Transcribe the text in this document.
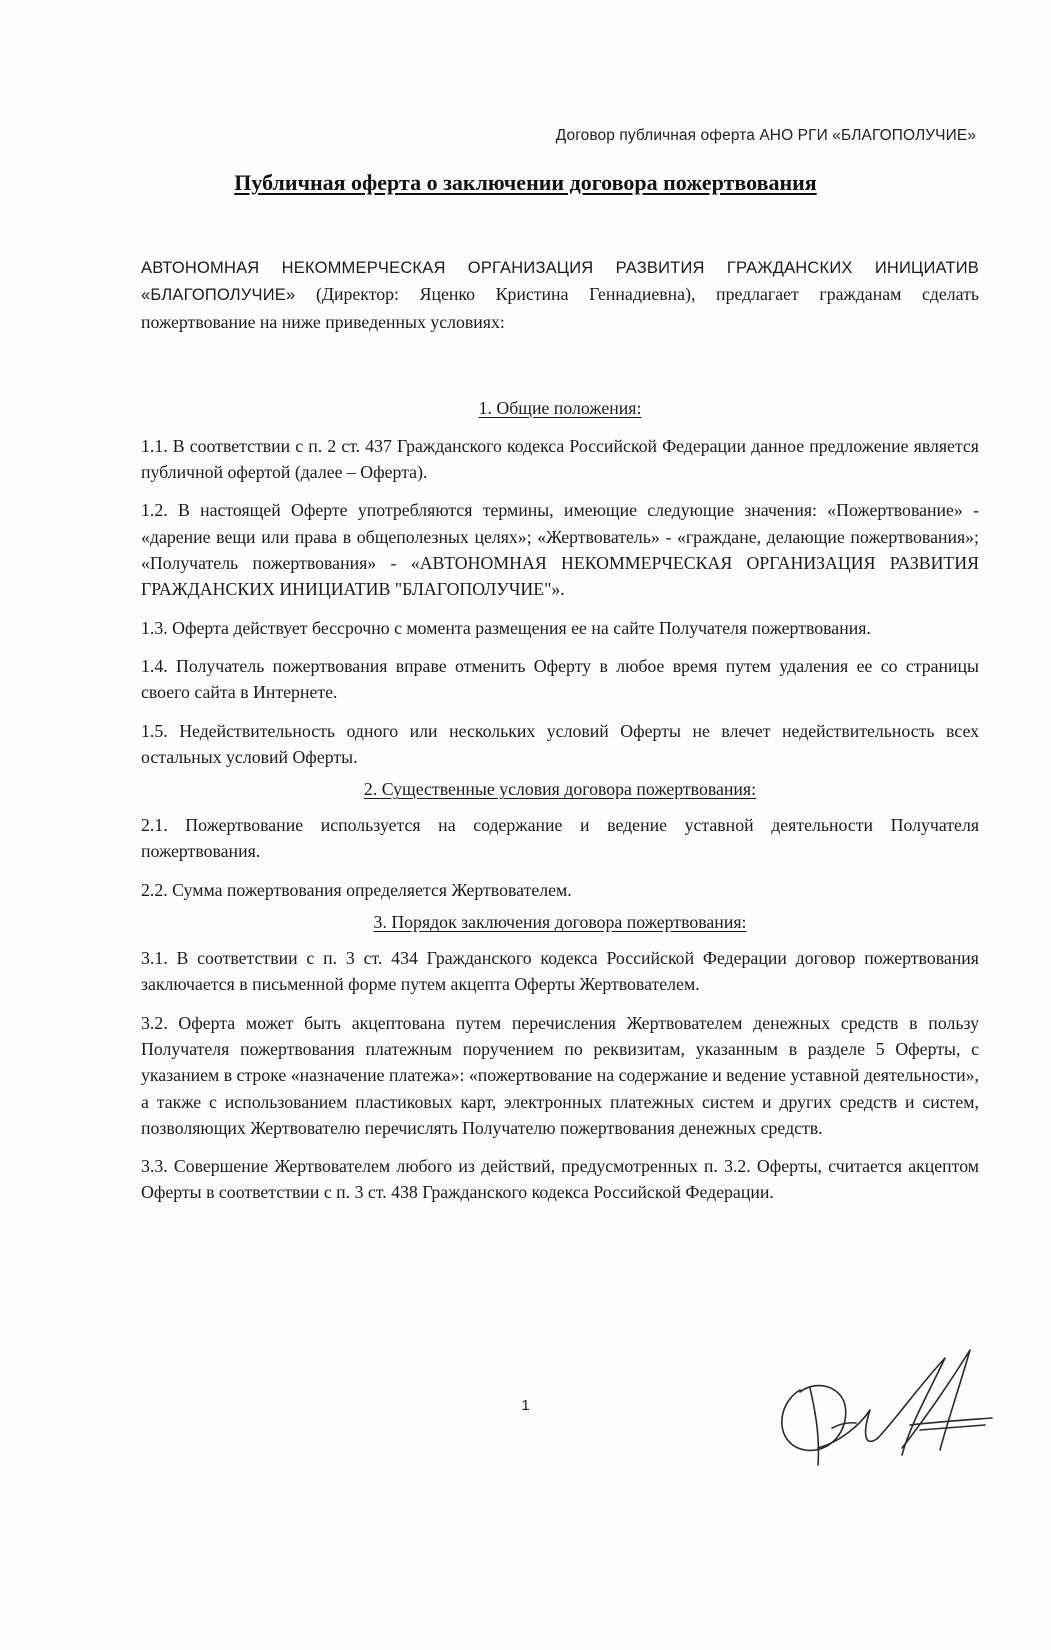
Договор публичная оферта АНО РГИ «БЛАГОПОЛУЧИЕ»
Публичная оферта о заключении договора пожертвования

АВТОНОМНАЯ НЕКОММЕРЧЕСКАЯ ОРГАНИЗАЦИЯ РАЗВИТИЯ ГРАЖДАНСКИХ ИНИЦИАТИВ «БЛАГОПОЛУЧИЕ» (Директор: Яценко Кристина Геннадиевна), предлагает гражданам сделать пожертвование на ниже приведенных условиях:

1. Общие положения:

1.1. В соответствии с п. 2 ст. 437 Гражданского кодекса Российской Федерации данное предложение является публичной офертой (далее – Оферта).

1.2. В настоящей Оферте употребляются термины, имеющие следующие значения: «Пожертвование» - «дарение вещи или права в общеполезных целях»; «Жертвователь» - «граждане, делающие пожертвования»; «Получатель пожертвования» - «АВТОНОМНАЯ НЕКОММЕРЧЕСКАЯ ОРГАНИЗАЦИЯ РАЗВИТИЯ ГРАЖДАНСКИХ ИНИЦИАТИВ "БЛАГОПОЛУЧИЕ"».

1.3. Оферта действует бессрочно с момента размещения ее на сайте Получателя пожертвования.

1.4. Получатель пожертвования вправе отменить Оферту в любое время путем удаления ее со страницы своего сайта в Интернете.

1.5. Недействительность одного или нескольких условий Оферты не влечет недействительность всех остальных условий Оферты.

2. Существенные условия договора пожертвования:

2.1. Пожертвование используется на содержание и ведение уставной деятельности Получателя пожертвования.

2.2. Сумма пожертвования определяется Жертвователем.

3. Порядок заключения договора пожертвования:

3.1. В соответствии с п. 3 ст. 434 Гражданского кодекса Российской Федерации договор пожертвования заключается в письменной форме путем акцепта Оферты Жертвователем.

3.2. Оферта может быть акцептована путем перечисления Жертвователем денежных средств в пользу Получателя пожертвования платежным поручением по реквизитам, указанным в разделе 5 Оферты, с указанием в строке «назначение платежа»: «пожертвование на содержание и ведение уставной деятельности», а также с использованием пластиковых карт, электронных платежных систем и других средств и систем, позволяющих Жертвователю перечислять Получателю пожертвования денежных средств.

3.3. Совершение Жертвователем любого из действий, предусмотренных п. 3.2. Оферты, считается акцептом Оферты в соответствии с п. 3 ст. 438 Гражданского кодекса Российской Федерации.

1
